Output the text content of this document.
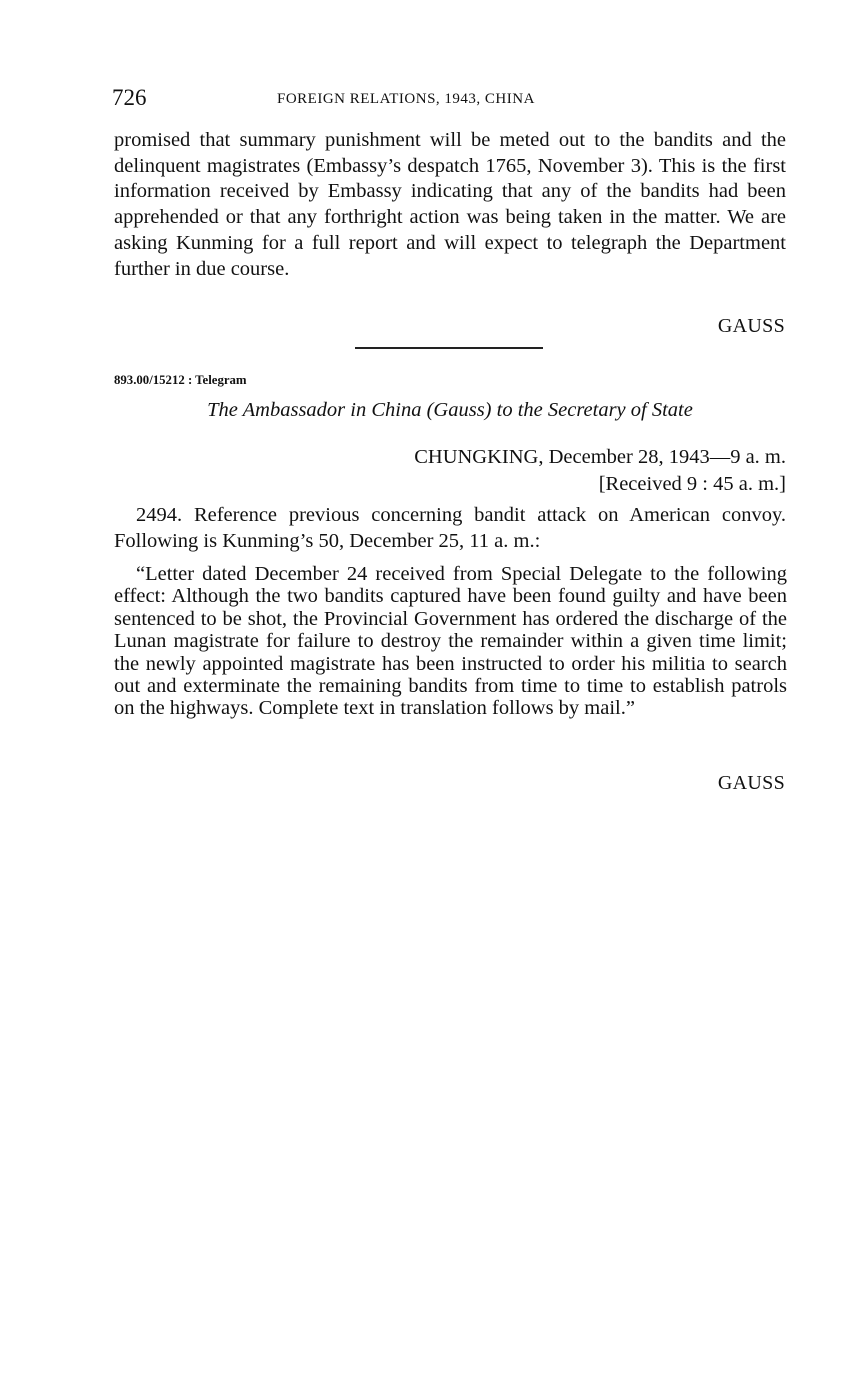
726	FOREIGN RELATIONS, 1943, CHINA
promised that summary punishment will be meted out to the bandits and the delinquent magistrates (Embassy’s despatch 1765, November 3). This is the first information received by Embassy indicating that any of the bandits had been apprehended or that any forthright action was being taken in the matter. We are asking Kunming for a full report and will expect to telegraph the Department further in due course.
GAUSS
893.00/15212 : Telegram
The Ambassador in China (Gauss) to the Secretary of State
CHUNGKING, December 28, 1943—9 a. m.
[Received 9 : 45 a. m.]
2494. Reference previous concerning bandit attack on American convoy. Following is Kunming’s 50, December 25, 11 a. m.:
“Letter dated December 24 received from Special Delegate to the following effect: Although the two bandits captured have been found guilty and have been sentenced to be shot, the Provincial Government has ordered the discharge of the Lunan magistrate for failure to destroy the remainder within a given time limit; the newly appointed magistrate has been instructed to order his militia to search out and exterminate the remaining bandits from time to time to establish patrols on the highways. Complete text in translation follows by mail.”
GAUSS
